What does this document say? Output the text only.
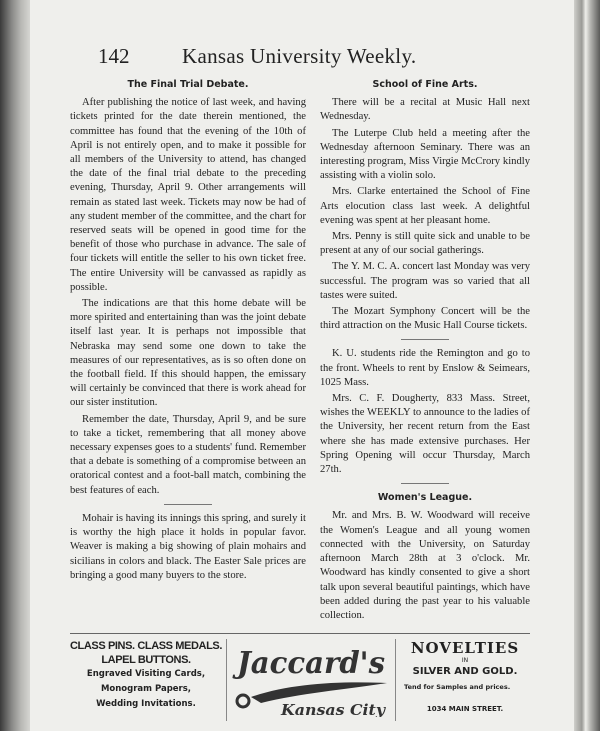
142	Kansas University Weekly.
The Final Trial Debate.

After publishing the notice of last week, and having tickets printed for the date therein mentioned, the committee has found that the evening of the 10th of April is not entirely open, and to make it possible for all members of the University to attend, has changed the date of the final trial debate to the preceding evening, Thursday, April 9. Other arrangements will remain as stated last week. Tickets may now be had of any student member of the committee, and the chart for reserved seats will be opened in good time for the benefit of those who purchase in advance. The sale of four tickets will entitle the seller to his own ticket free. The entire University will be canvassed as rapidly as possible.

The indications are that this home debate will be more spirited and entertaining than was the joint debate itself last year. It is perhaps not impossible that Nebraska may send some one down to take the measures of our representatives, as is so often done on the football field. If this should happen, the emissary will certainly be convinced that there is work ahead for our sister institution.

Remember the date, Thursday, April 9, and be sure to take a ticket, remembering that all money above necessary expenses goes to a students' fund. Remember that a debate is something of a compromise between an oratorical contest and a foot-ball match, combining the best features of each.

Mohair is having its innings this spring, and surely it is worthy the high place it holds in popular favor. Weaver is making a big showing of plain mohairs and sicilians in colors and black. The Easter Sale prices are bringing a good many buyers to the store.

School of Fine Arts.

There will be a recital at Music Hall next Wednesday.

The Luterpe Club held a meeting after the Wednesday afternoon Seminary. There was an interesting program, Miss Virgie McCrory kindly assisting with a violin solo.

Mrs. Clarke entertained the School of Fine Arts elocution class last week. A delightful evening was spent at her pleasant home.

Mrs. Penny is still quite sick and unable to be present at any of our social gatherings.

The Y. M. C. A. concert last Monday was very successful. The program was so varied that all tastes were suited.

The Mozart Symphony Concert will be the third attraction on the Music Hall Course tickets.

K. U. students ride the Remington and go to the front. Wheels to rent by Enslow & Seimears, 1025 Mass.

Mrs. C. F. Dougherty, 833 Mass. Street, wishes the WEEKLY to announce to the ladies of the University, her recent return from the East where she has made extensive purchases. Her Spring Opening will occur Thursday, March 27th.

Women's League.

Mr. and Mrs. B. W. Woodward will receive the Women's League and all young women connected with the University, on Saturday afternoon March 28th at 3 o'clock. Mr. Woodward has kindly consented to give a short talk upon several beautiful paintings, which have been added during the past year to his valuable collection.

CLASS PINS. CLASS MEDALS.
LAPEL BUTTONS.
Engraved Visiting Cards,
Monogram Papers,
Wedding Invitations.
Jaccard's
Kansas City
NOVELTIES
IN
SILVER AND GOLD.
Tend for Samples and prices.
1034 MAIN STREET.
